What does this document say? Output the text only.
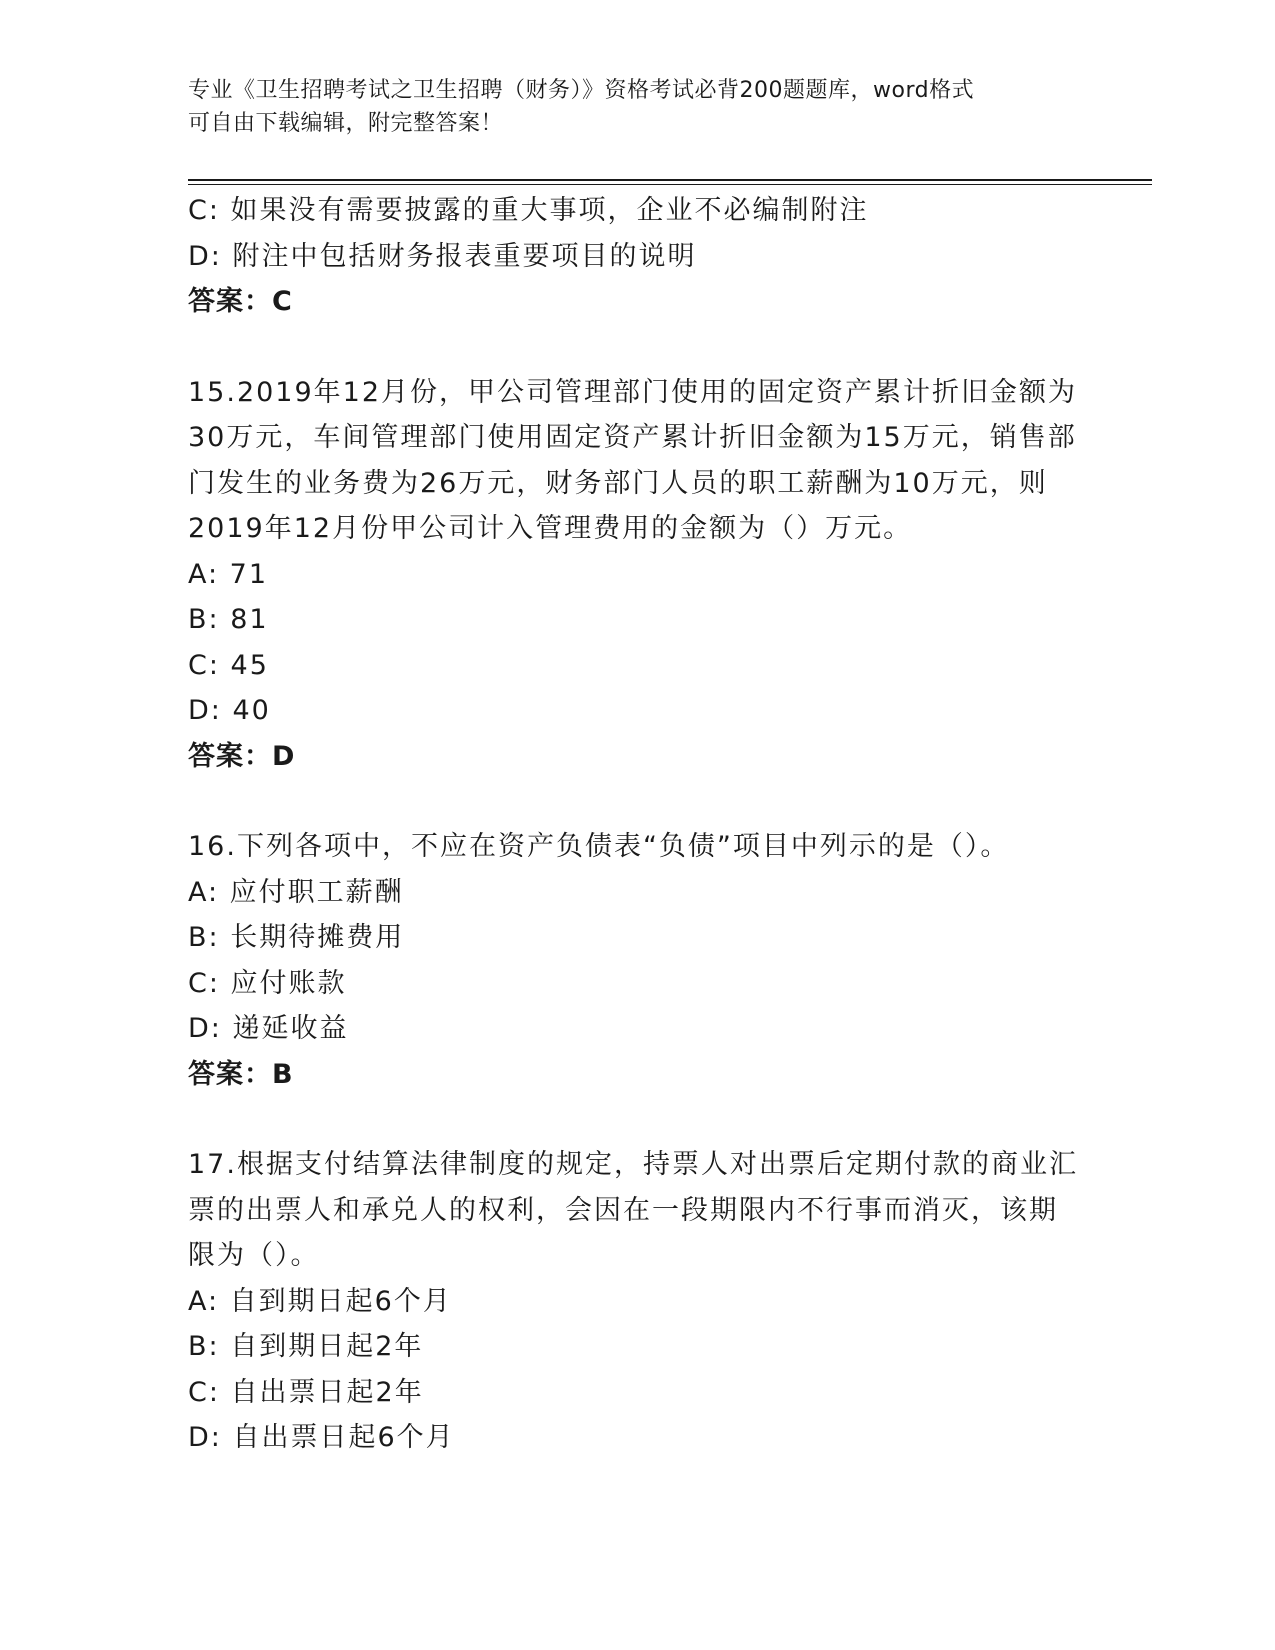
专业《卫生招聘考试之卫生招聘（财务）》资格考试必背200题题库，word格式
可自由下载编辑，附完整答案！
C: 如果没有需要披露的重大事项，企业不必编制附注
D: 附注中包括财务报表重要项目的说明
答案：C
15.2019年12月份，甲公司管理部门使用的固定资产累计折旧金额为
30万元，车间管理部门使用固定资产累计折旧金额为15万元，销售部
门发生的业务费为26万元，财务部门人员的职工薪酬为10万元，则
2019年12月份甲公司计入管理费用的金额为（）万元。
A: 71
B: 81
C: 45
D: 40
答案：D
16.下列各项中，不应在资产负债表“负债”项目中列示的是（）。
A: 应付职工薪酬
B: 长期待摊费用
C: 应付账款
D: 递延收益
答案：B
17.根据支付结算法律制度的规定，持票人对出票后定期付款的商业汇
票的出票人和承兑人的权利，会因在一段期限内不行事而消灭，该期
限为（）。
A: 自到期日起6个月
B: 自到期日起2年
C: 自出票日起2年
D: 自出票日起6个月
